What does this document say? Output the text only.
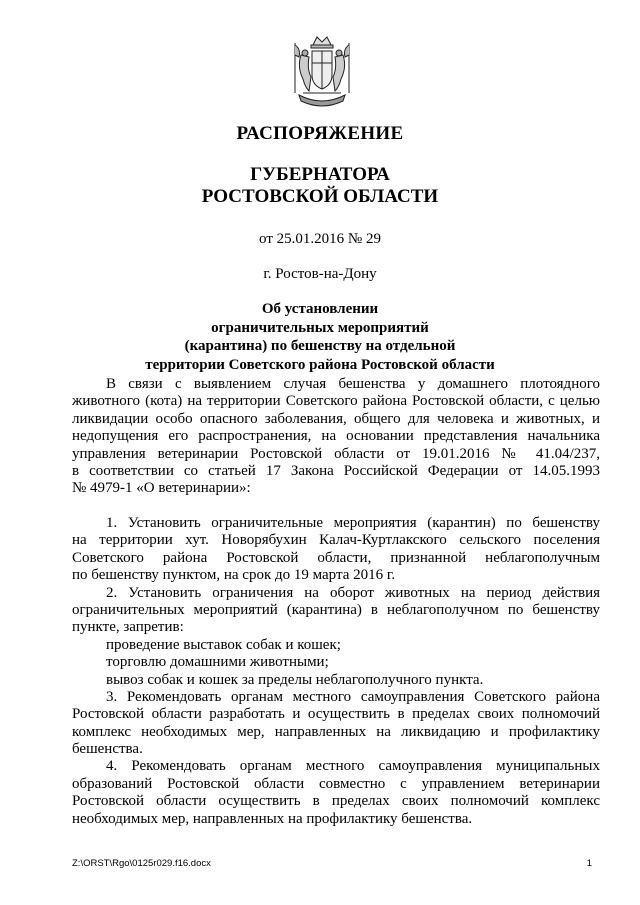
РАСПОРЯЖЕНИЕ
ГУБЕРНАТОРА
РОСТОВСКОЙ ОБЛАСТИ
от 25.01.2016 № 29
г. Ростов-на-Дону
Об установлении
ограничительных мероприятий
(карантина) по бешенству на отдельной
территории Советского района Ростовской области
В связи с выявлением случая бешенства у домашнего плотоядного
животного (кота) на территории Советского района Ростовской области, с целью
ликвидации особо опасного заболевания, общего для человека и животных, и
недопущения его распространения, на основании представления начальника
управления ветеринарии Ростовской области от 19.01.2016 № 41.04/237,
в соответствии со статьей 17 Закона Российской Федерации от 14.05.1993
№ 4979-1 «О ветеринарии»:
1. Установить ограничительные мероприятия (карантин) по бешенству
на территории хут. Новорябухин Калач-Куртлакского сельского поселения
Советского района Ростовской области, признанной неблагополучным
по бешенству пунктом, на срок до 19 марта 2016 г.
2. Установить ограничения на оборот животных на период действия
ограничительных мероприятий (карантина) в неблагополучном по бешенству
пункте, запретив:
проведение выставок собак и кошек;
торговлю домашними животными;
вывоз собак и кошек за пределы неблагополучного пункта.
3. Рекомендовать органам местного самоуправления Советского района
Ростовской области разработать и осуществить в пределах своих полномочий
комплекс необходимых мер, направленных на ликвидацию и профилактику
бешенства.
4. Рекомендовать органам местного самоуправления муниципальных
образований Ростовской области совместно с управлением ветеринарии
Ростовской области осуществить в пределах своих полномочий комплекс
необходимых мер, направленных на профилактику бешенства.
Z:\ORST\Rgo\0125r029.f16.docx	1
